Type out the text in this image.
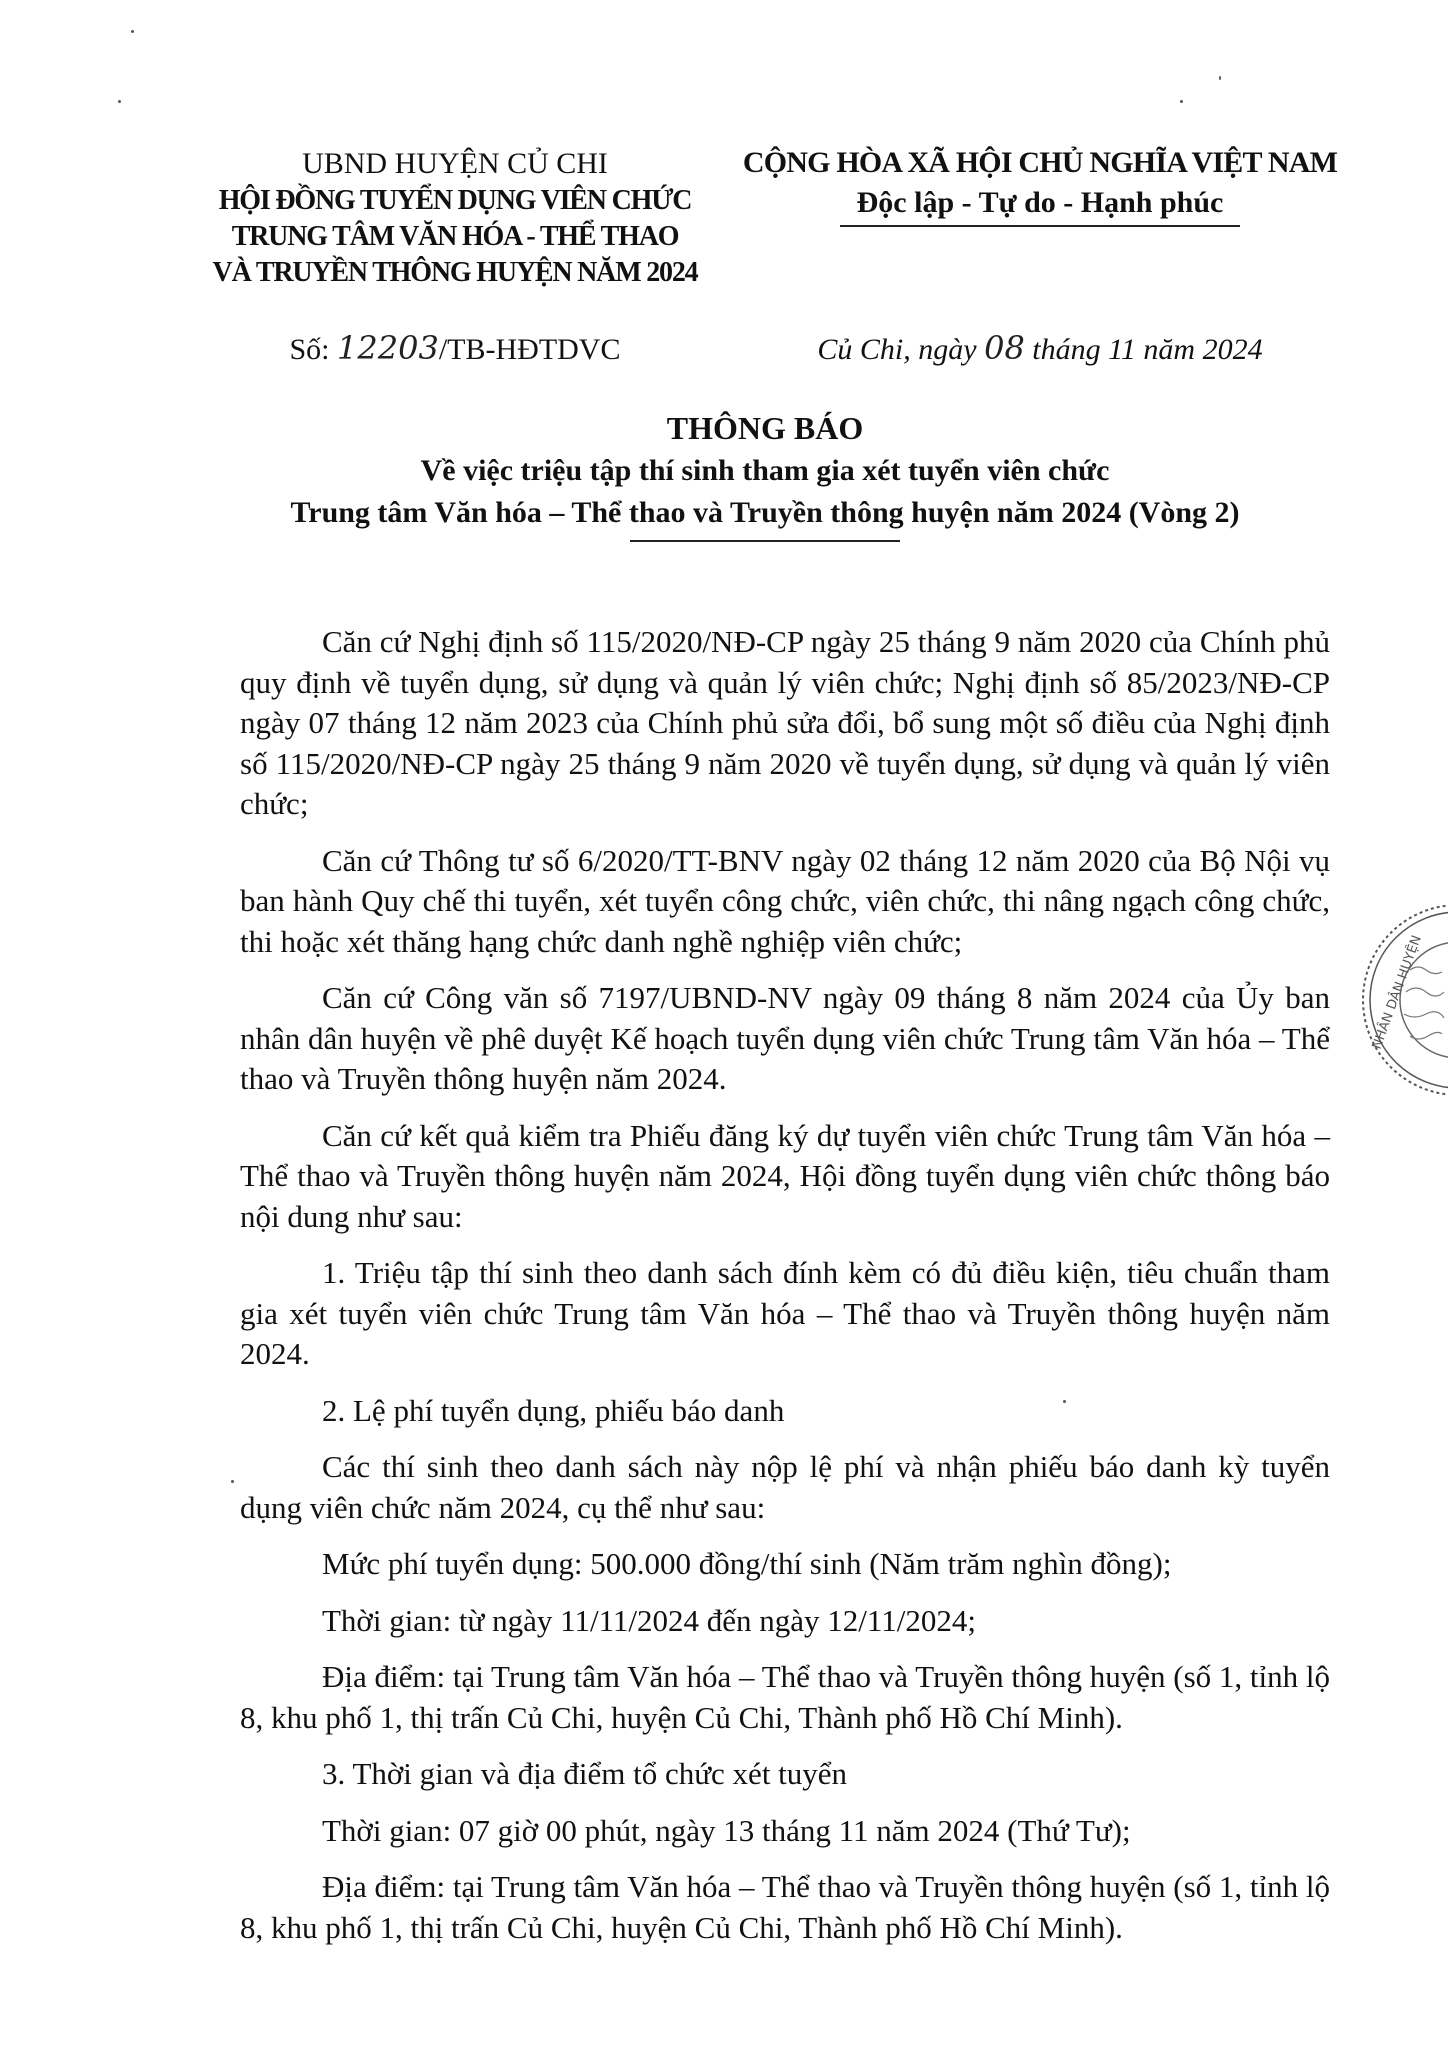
UBND HUYỆN CỦ CHI
HỘI ĐỒNG TUYỂN DỤNG VIÊN CHỨC
TRUNG TÂM VĂN HÓA - THỂ THAO
VÀ TRUYỀN THÔNG HUYỆN NĂM 2024
CỘNG HÒA XÃ HỘI CHỦ NGHĨA VIỆT NAM
Độc lập - Tự do - Hạnh phúc
Số: 12203/TB-HĐTDVC	Củ Chi, ngày 08 tháng 11 năm 2024
THÔNG BÁO
Về việc triệu tập thí sinh tham gia xét tuyển viên chức
Trung tâm Văn hóa – Thể thao và Truyền thông huyện năm 2024 (Vòng 2)

Căn cứ Nghị định số 115/2020/NĐ-CP ngày 25 tháng 9 năm 2020 của Chính phủ quy định về tuyển dụng, sử dụng và quản lý viên chức; Nghị định số 85/2023/NĐ-CP ngày 07 tháng 12 năm 2023 của Chính phủ sửa đổi, bổ sung một số điều của Nghị định số 115/2020/NĐ-CP ngày 25 tháng 9 năm 2020 về tuyển dụng, sử dụng và quản lý viên chức;

Căn cứ Thông tư số 6/2020/TT-BNV ngày 02 tháng 12 năm 2020 của Bộ Nội vụ ban hành Quy chế thi tuyển, xét tuyển công chức, viên chức, thi nâng ngạch công chức, thi hoặc xét thăng hạng chức danh nghề nghiệp viên chức;

Căn cứ Công văn số 7197/UBND-NV ngày 09 tháng 8 năm 2024 của Ủy ban nhân dân huyện về phê duyệt Kế hoạch tuyển dụng viên chức Trung tâm Văn hóa – Thể thao và Truyền thông huyện năm 2024.

Căn cứ kết quả kiểm tra Phiếu đăng ký dự tuyển viên chức Trung tâm Văn hóa – Thể thao và Truyền thông huyện năm 2024, Hội đồng tuyển dụng viên chức thông báo nội dung như sau:

1. Triệu tập thí sinh theo danh sách đính kèm có đủ điều kiện, tiêu chuẩn tham gia xét tuyển viên chức Trung tâm Văn hóa – Thể thao và Truyền thông huyện năm 2024.

2. Lệ phí tuyển dụng, phiếu báo danh

Các thí sinh theo danh sách này nộp lệ phí và nhận phiếu báo danh kỳ tuyển dụng viên chức năm 2024, cụ thể như sau:

Mức phí tuyển dụng: 500.000 đồng/thí sinh (Năm trăm nghìn đồng);

Thời gian: từ ngày 11/11/2024 đến ngày 12/11/2024;

Địa điểm: tại Trung tâm Văn hóa – Thể thao và Truyền thông huyện (số 1, tỉnh lộ 8, khu phố 1, thị trấn Củ Chi, huyện Củ Chi, Thành phố Hồ Chí Minh).

3. Thời gian và địa điểm tổ chức xét tuyển

Thời gian: 07 giờ 00 phút, ngày 13 tháng 11 năm 2024 (Thứ Tư);

Địa điểm: tại Trung tâm Văn hóa – Thể thao và Truyền thông huyện (số 1, tỉnh lộ 8, khu phố 1, thị trấn Củ Chi, huyện Củ Chi, Thành phố Hồ Chí Minh).

NHÂN DÂN HUYỆN
